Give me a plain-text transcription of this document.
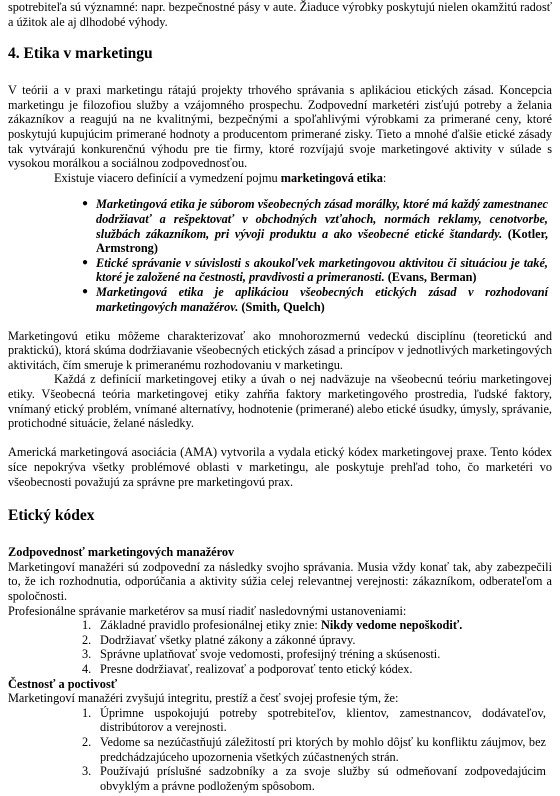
spotrebiteľa sú významné: napr. bezpečnostné pásy v aute. Žiaduce výrobky poskytujú nielen okamžitú radosť a úžitok ale aj dlhodobé výhody.

4. Etika v marketingu

V teórii a v praxi marketingu rátajú projekty trhového správania s aplikáciou etických zásad. Koncepcia marketingu je filozofiou služby a vzájomného prospechu. Zodpovední marketéri zisťujú potreby a želania zákazníkov a reagujú na ne kvalitnými, bezpečnými a spoľahlivými výrobkami za primerané ceny, ktoré poskytujú kupujúcim primerané hodnoty a producentom primerané zisky. Tieto a mnohé ďalšie etické zásady tak vytvárajú konkurenčnú výhodu pre tie firmy, ktoré rozvíjajú svoje marketingové aktivity v súlade s vysokou morálkou a sociálnou zodpovednosťou.

Existuje viacero definícií a vymedzení pojmu marketingová etika:

● Marketingová etika je súborom všeobecných zásad morálky, ktoré má každý zamestnanec dodržiavať a rešpektovať v obchodných vzťahoch, normách reklamy, cenotvorbe, službách zákazníkom, pri vývoji produktu a ako všeobecné etické štandardy. (Kotler, Armstrong)
● Etické správanie v súvislosti s akoukoľvek marketingovou aktivitou či situáciou je také, ktoré je založené na čestnosti, pravdivosti a primeranosti. (Evans, Berman)
● Marketingová etika je aplikáciou všeobecných etických zásad v rozhodovaní marketingových manažérov. (Smith, Quelch)

Marketingovú etiku môžeme charakterizovať ako mnohorozmernú vedeckú disciplínu (teoretickú and praktickú), ktorá skúma dodržiavanie všeobecných etických zásad a princípov v jednotlivých marketingových aktivitách, čím smeruje k primeranému rozhodovaniu v marketingu.

Každá z definícií marketingovej etiky a úvah o nej nadväzuje na všeobecnú teóriu marketingovej etiky. Všeobecná teória marketingovej etiky zahŕňa faktory marketingového prostredia, ľudské faktory, vnímaný etický problém, vnímané alternatívy, hodnotenie (primerané) alebo etické úsudky, úmysly, správanie, protichodné situácie, želané následky.

Americká marketingová asociácia (AMA) vytvorila a vydala etický kódex marketingovej praxe. Tento kódex síce nepokrýva všetky problémové oblasti v marketingu, ale poskytuje prehľad toho, čo marketéri vo všeobecnosti považujú za správne pre marketingovú prax.

Etický kódex
Zodpovednosť marketingových manažérov

Marketingoví manažéri sú zodpovední za následky svojho správania. Musia vždy konať tak, aby zabezpečili to, že ich rozhodnutia, odporúčania a aktivity súžia celej relevantnej verejnosti: zákazníkom, odberateľom a spoločnosti.

Profesionálne správanie marketérov sa musí riadiť nasledovnými ustanoveniami:

1. Základné pravidlo profesionálnej etiky znie: Nikdy vedome nepoškodiť.
2. Dodržiavať všetky platné zákony a zákonné úpravy.
3. Správne uplatňovať svoje vedomosti, profesijný tréning a skúsenosti.
4. Presne dodržiavať, realizovať a podporovať tento etický kódex.
Čestnosť a poctivosť

Marketingoví manažéri zvyšujú integritu, prestíž a česť svojej profesie tým, že:

1. Úprimne uspokojujú potreby spotrebiteľov, klientov, zamestnancov, dodávateľov, distribútorov a verejnosti.
2. Vedome sa nezúčastňujú záležitostí pri ktorých by mohlo dôjsť ku konfliktu záujmov, bez predchádzajúceho upozornenia všetkých zúčastnených strán.
3. Používajú príslušné sadzobníky a za svoje služby sú odmeňovaní zodpovedajúcim obvyklým a právne podloženým spôsobom.
